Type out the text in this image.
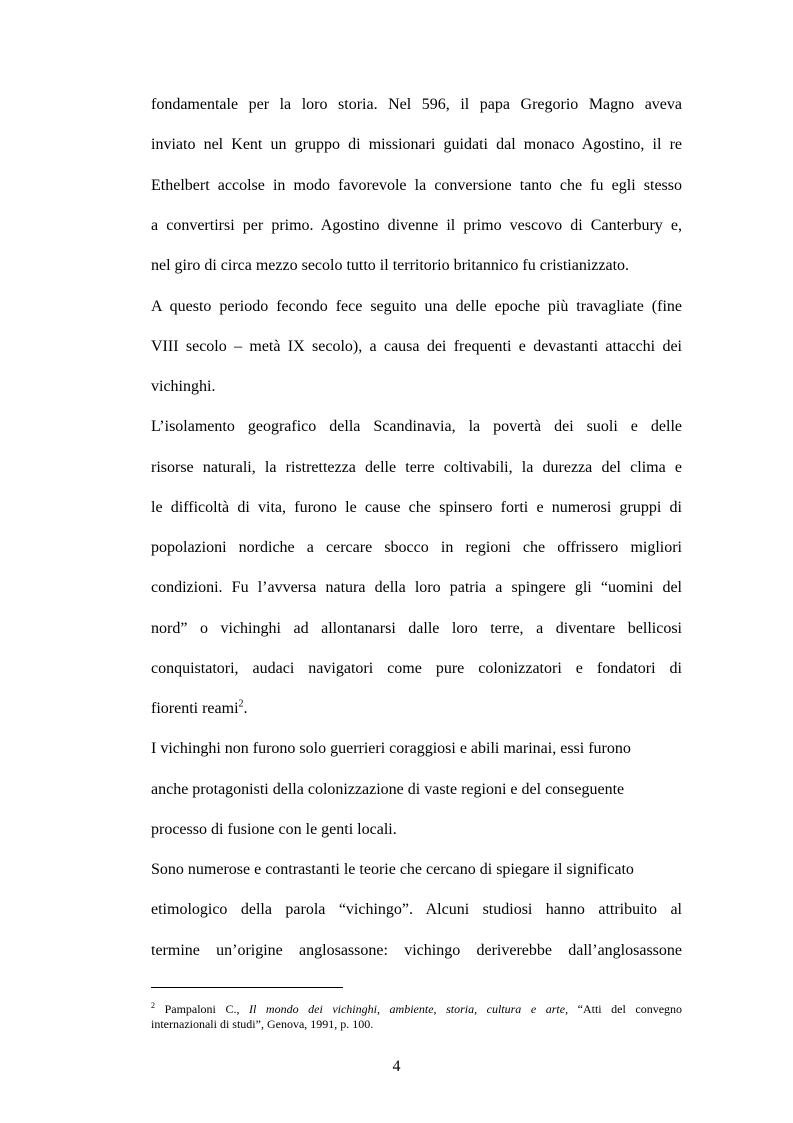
fondamentale per la loro storia. Nel 596, il papa Gregorio Magno aveva
inviato nel Kent un gruppo di missionari guidati dal monaco Agostino, il re
Ethelbert accolse in modo favorevole la conversione tanto che fu egli stesso
a convertirsi per primo. Agostino divenne il primo vescovo di Canterbury e,
nel giro di circa mezzo secolo tutto il territorio britannico fu cristianizzato.
A questo periodo fecondo fece seguito una delle epoche più travagliate (fine
VIII secolo – metà IX secolo), a causa dei frequenti e devastanti attacchi dei
vichinghi.
L’isolamento geografico della Scandinavia, la povertà dei suoli e delle
risorse naturali, la ristrettezza delle terre coltivabili, la durezza del clima e
le difficoltà di vita, furono le cause che spinsero forti e numerosi gruppi di
popolazioni nordiche a cercare sbocco in regioni che offrissero migliori
condizioni. Fu l’avversa natura della loro patria a spingere gli “uomini del
nord” o vichinghi ad allontanarsi dalle loro terre, a diventare bellicosi
conquistatori, audaci navigatori come pure colonizzatori e fondatori di
fiorenti reami$^2$.
I vichinghi non furono solo guerrieri coraggiosi e abili marinai, essi furono
anche protagonisti della colonizzazione di vaste regioni e del conseguente
processo di fusione con le genti locali.
Sono numerose e contrastanti le teorie che cercano di spiegare il significato
etimologico della parola “vichingo”. Alcuni studiosi hanno attribuito al
termine un’origine anglosassone: vichingo deriverebbe dall’anglosassone
$^2$ Pampaloni C., Il mondo dei vichinghi, ambiente, storia, cultura e arte, “Atti del convegno
internazionali di studi”, Genova, 1991, p. 100.
4
